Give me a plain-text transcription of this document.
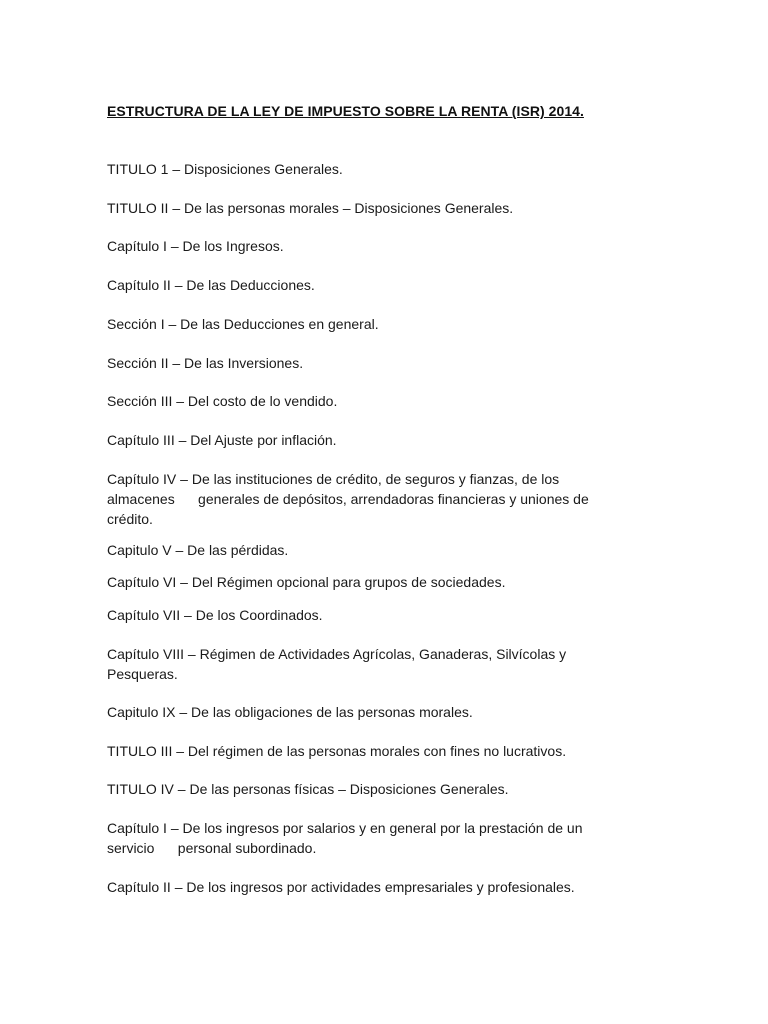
ESTRUCTURA DE LA LEY DE IMPUESTO SOBRE LA RENTA (ISR) 2014.

TITULO 1 – Disposiciones Generales.

TITULO II – De las personas morales – Disposiciones Generales.

Capítulo I – De los Ingresos.

Capítulo II – De las Deducciones.

Sección I – De las Deducciones en general.

Sección II – De las Inversiones.

Sección III – Del costo de lo vendido.

Capítulo III – Del Ajuste por inflación.

Capítulo IV – De las instituciones de crédito, de seguros y fianzas, de los
almacenes      generales de depósitos, arrendadoras financieras y uniones de
crédito.

Capitulo V – De las pérdidas.

Capítulo VI – Del Régimen opcional para grupos de sociedades.

Capítulo VII – De los Coordinados.

Capítulo VIII – Régimen de Actividades Agrícolas, Ganaderas, Silvícolas y
Pesqueras.

Capitulo IX – De las obligaciones de las personas morales.

TITULO III – Del régimen de las personas morales con fines no lucrativos.

TITULO IV – De las personas físicas – Disposiciones Generales.

Capítulo I – De los ingresos por salarios y en general por la prestación de un
servicio      personal subordinado.

Capítulo II – De los ingresos por actividades empresariales y profesionales.
